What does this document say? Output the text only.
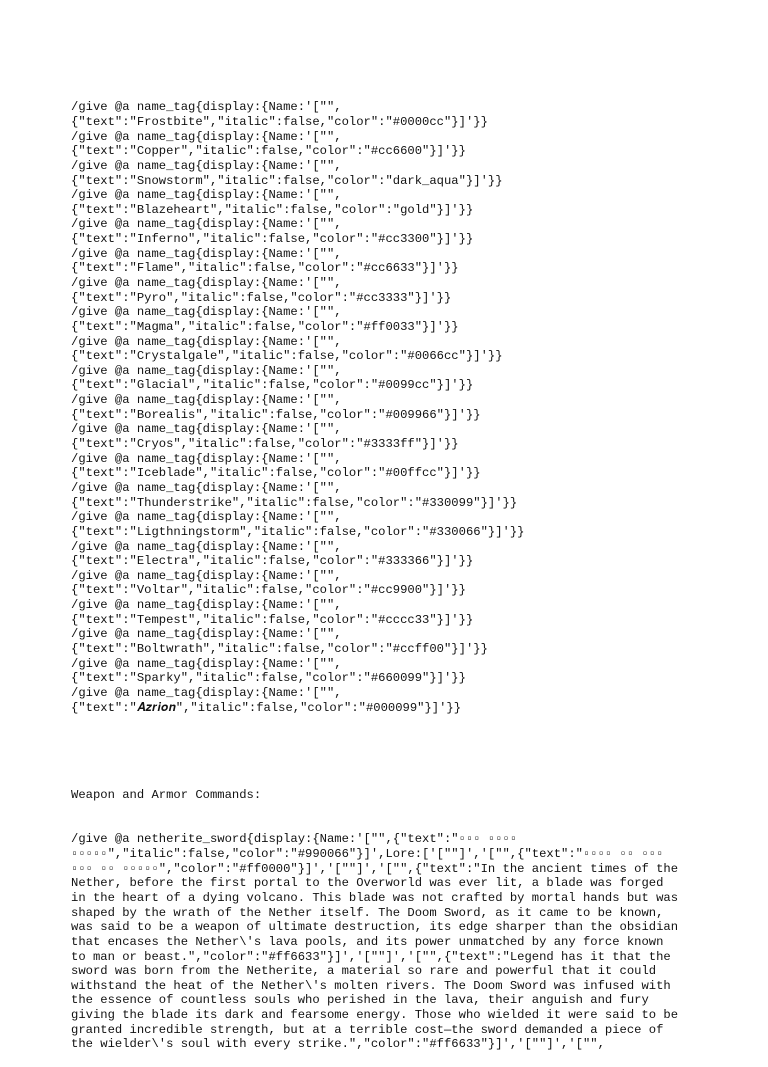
/give @a name_tag{display:{Name:'["",
{"text":"Frostbite","italic":false,"color":"#0000cc"}]'}}
/give @a name_tag{display:{Name:'["",
{"text":"Copper","italic":false,"color":"#cc6600"}]'}}
/give @a name_tag{display:{Name:'["",
{"text":"Snowstorm","italic":false,"color":"dark_aqua"}]'}}
/give @a name_tag{display:{Name:'["",
{"text":"Blazeheart","italic":false,"color":"gold"}]'}}
/give @a name_tag{display:{Name:'["",
{"text":"Inferno","italic":false,"color":"#cc3300"}]'}}
/give @a name_tag{display:{Name:'["",
{"text":"Flame","italic":false,"color":"#cc6633"}]'}}
/give @a name_tag{display:{Name:'["",
{"text":"Pyro","italic":false,"color":"#cc3333"}]'}}
/give @a name_tag{display:{Name:'["",
{"text":"Magma","italic":false,"color":"#ff0033"}]'}}
/give @a name_tag{display:{Name:'["",
{"text":"Crystalgale","italic":false,"color":"#0066cc"}]'}}
/give @a name_tag{display:{Name:'["",
{"text":"Glacial","italic":false,"color":"#0099cc"}]'}}
/give @a name_tag{display:{Name:'["",
{"text":"Borealis","italic":false,"color":"#009966"}]'}}
/give @a name_tag{display:{Name:'["",
{"text":"Cryos","italic":false,"color":"#3333ff"}]'}}
/give @a name_tag{display:{Name:'["",
{"text":"Iceblade","italic":false,"color":"#00ffcc"}]'}}
/give @a name_tag{display:{Name:'["",
{"text":"Thunderstrike","italic":false,"color":"#330099"}]'}}
/give @a name_tag{display:{Name:'["",
{"text":"Ligthningstorm","italic":false,"color":"#330066"}]'}}
/give @a name_tag{display:{Name:'["",
{"text":"Electra","italic":false,"color":"#333366"}]'}}
/give @a name_tag{display:{Name:'["",
{"text":"Voltar","italic":false,"color":"#cc9900"}]'}}
/give @a name_tag{display:{Name:'["",
{"text":"Tempest","italic":false,"color":"#cccc33"}]'}}
/give @a name_tag{display:{Name:'["",
{"text":"Boltwrath","italic":false,"color":"#ccff00"}]'}}
/give @a name_tag{display:{Name:'["",
{"text":"Sparky","italic":false,"color":"#660099"}]'}}
/give @a name_tag{display:{Name:'["",
{"text":"𝑨𝒛𝒓𝒊𝒐𝒏","italic":false,"color":"#000099"}]'}}

Weapon and Armor Commands:

/give @a netherite_sword{display:{Name:'["",{"text":"▫▫▫ ▫▫▫▫
▫▫▫▫▫","italic":false,"color":"#990066"}]',Lore:['[""]','["",{"text":"▫▫▫▫ ▫▫ ▫▫▫
▫▫▫ ▫▫ ▫▫▫▫▫","color":"#ff0000"}]','[""]','["",{"text":"In the ancient times of the
Nether, before the first portal to the Overworld was ever lit, a blade was forged
in the heart of a dying volcano. This blade was not crafted by mortal hands but was
shaped by the wrath of the Nether itself. The Doom Sword, as it came to be known,
was said to be a weapon of ultimate destruction, its edge sharper than the obsidian
that encases the Nether\'s lava pools, and its power unmatched by any force known
to man or beast.","color":"#ff6633"}]','[""]','["",{"text":"Legend has it that the
sword was born from the Netherite, a material so rare and powerful that it could
withstand the heat of the Nether\'s molten rivers. The Doom Sword was infused with
the essence of countless souls who perished in the lava, their anguish and fury
giving the blade its dark and fearsome energy. Those who wielded it were said to be
granted incredible strength, but at a terrible cost—the sword demanded a piece of
the wielder\'s soul with every strike.","color":"#ff6633"}]','[""]','["",
